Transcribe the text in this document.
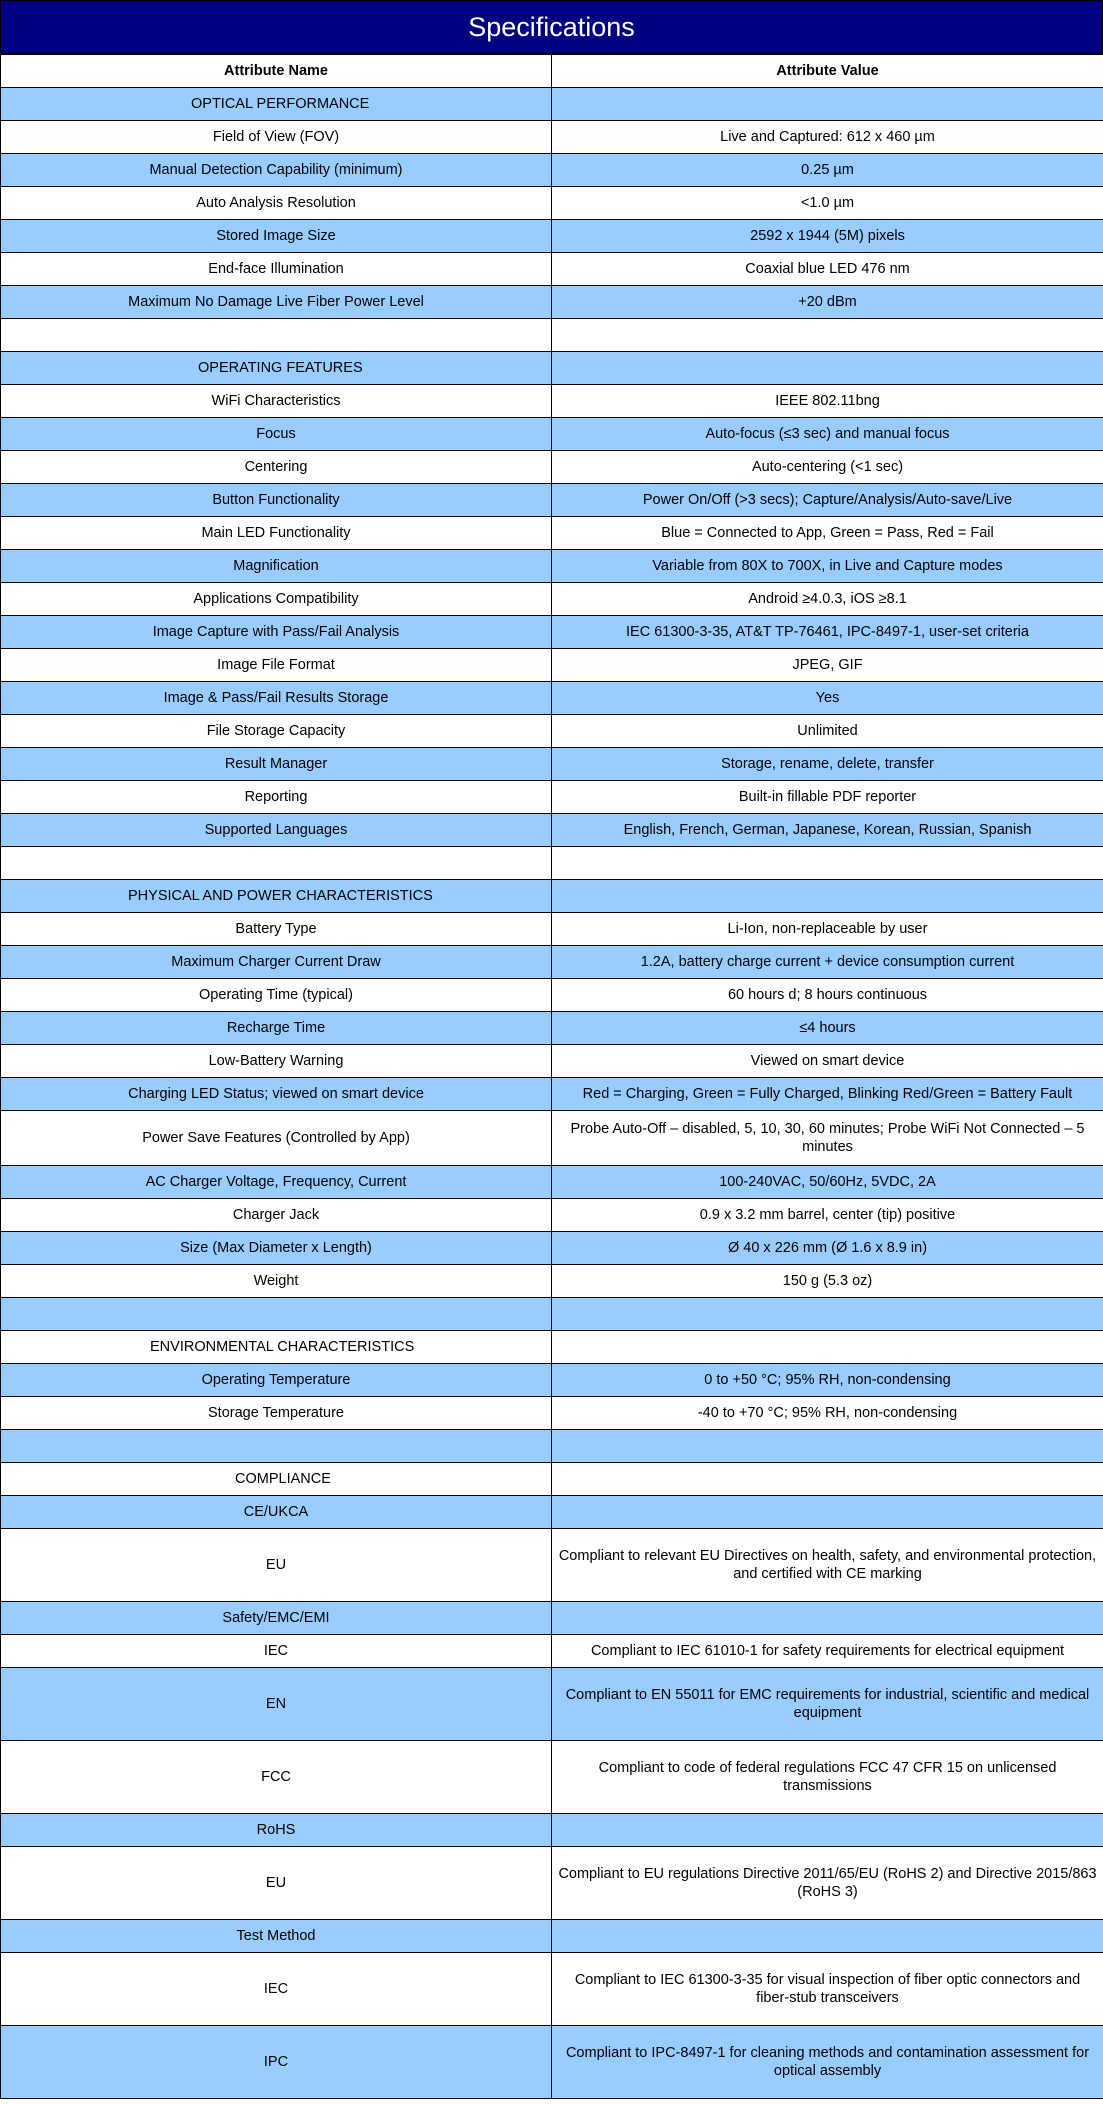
Specifications
Attribute Name	Attribute Value
OPTICAL PERFORMANCE	
Field of View (FOV)	Live and Captured: 612 x 460 µm
Manual Detection Capability (minimum)	0.25 µm
Auto Analysis Resolution	<1.0 µm
Stored Image Size	2592 x 1944 (5M) pixels
End-face Illumination	Coaxial blue LED 476 nm
Maximum No Damage Live Fiber Power Level	+20 dBm

OPERATING FEATURES	
WiFi Characteristics	IEEE 802.11bng
Focus	Auto-focus (≤3 sec) and manual focus
Centering	Auto-centering (<1 sec)
Button Functionality	Power On/Off (>3 secs); Capture/Analysis/Auto-save/Live
Main LED Functionality	Blue = Connected to App, Green = Pass, Red = Fail
Magnification	Variable from 80X to 700X, in Live and Capture modes
Applications Compatibility	Android ≥4.0.3, iOS ≥8.1
Image Capture with Pass/Fail Analysis	IEC 61300-3-35, AT&T TP-76461, IPC-8497-1, user-set criteria
Image File Format	JPEG, GIF
Image & Pass/Fail Results Storage	Yes
File Storage Capacity	Unlimited
Result Manager	Storage, rename, delete, transfer
Reporting	Built-in fillable PDF reporter
Supported Languages	English, French, German, Japanese, Korean, Russian, Spanish

PHYSICAL AND POWER CHARACTERISTICS	
Battery Type	Li-Ion, non-replaceable by user
Maximum Charger Current Draw	1.2A, battery charge current + device consumption current
Operating Time (typical)	60 hours d; 8 hours continuous
Recharge Time	≤4 hours
Low-Battery Warning	Viewed on smart device
Charging LED Status; viewed on smart device	Red = Charging, Green = Fully Charged, Blinking Red/Green = Battery Fault
Power Save Features (Controlled by App)	Probe Auto-Off – disabled, 5, 10, 30, 60 minutes; Probe WiFi Not Connected – 5 minutes
AC Charger Voltage, Frequency, Current	100-240VAC, 50/60Hz, 5VDC, 2A
Charger Jack	0.9 x 3.2 mm barrel, center (tip) positive
Size (Max Diameter x Length)	Ø 40 x 226 mm (Ø 1.6 x 8.9 in)
Weight	150 g (5.3 oz)

ENVIRONMENTAL CHARACTERISTICS	
Operating Temperature	0 to +50 °C; 95% RH, non-condensing
Storage Temperature	-40 to +70 °C; 95% RH, non-condensing

COMPLIANCE	
CE/UKCA	
EU	Compliant to relevant EU Directives on health, safety, and environmental protection, and certified with CE marking
Safety/EMC/EMI	
IEC	Compliant to IEC 61010-1 for safety requirements for electrical equipment
EN	Compliant to EN 55011 for EMC requirements for industrial, scientific and medical equipment
FCC	Compliant to code of federal regulations FCC 47 CFR 15 on unlicensed transmissions
RoHS	
EU	Compliant to EU regulations Directive 2011/65/EU (RoHS 2) and Directive 2015/863 (RoHS 3)
Test Method	
IEC	Compliant to IEC 61300-3-35 for visual inspection of fiber optic connectors and fiber-stub transceivers
IPC	Compliant to IPC-8497-1 for cleaning methods and contamination assessment for optical assembly
